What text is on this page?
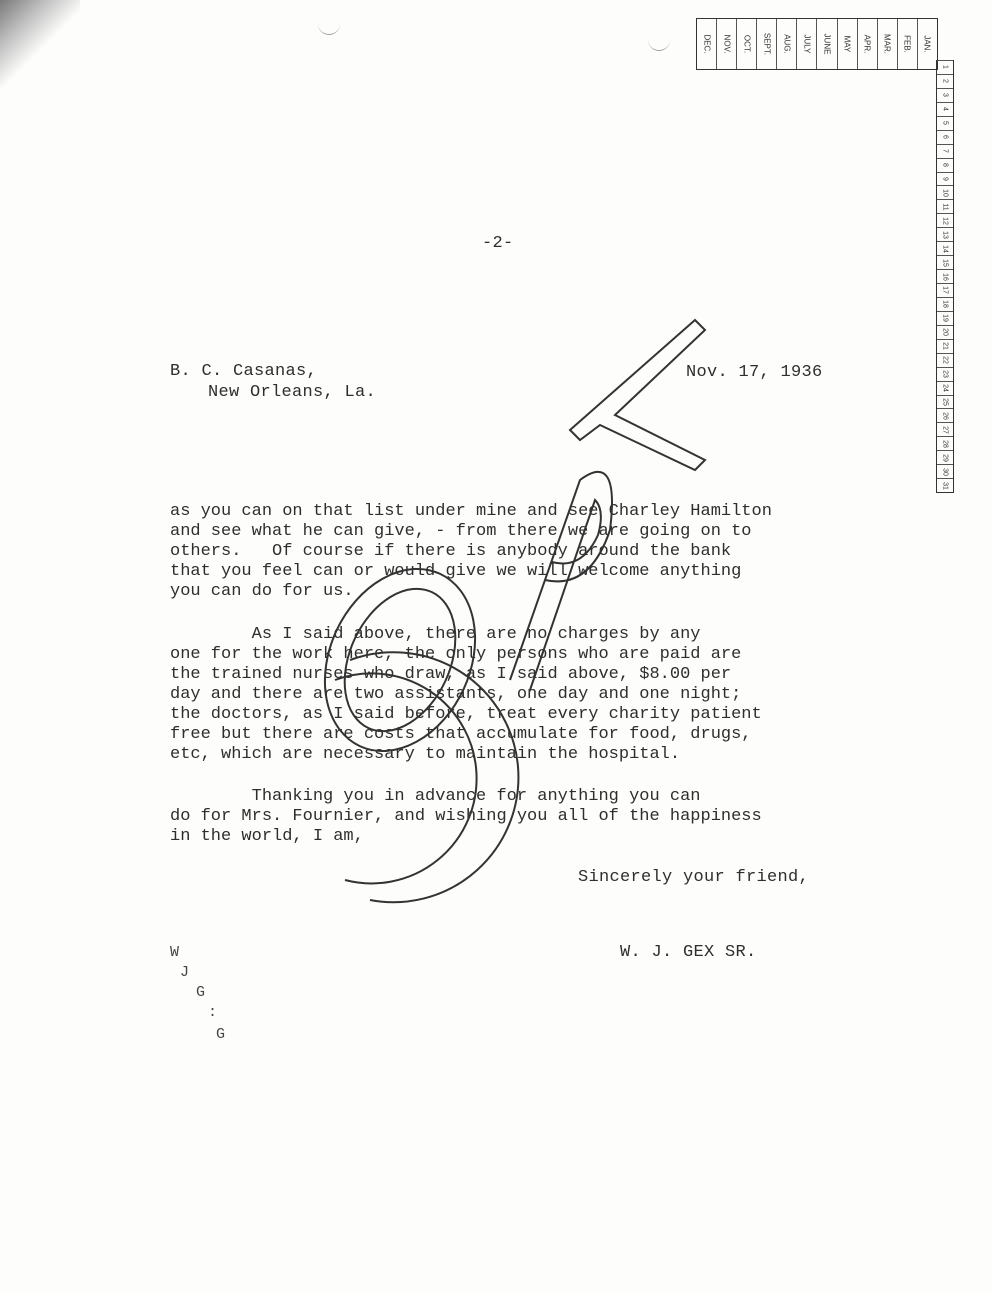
DEC. NOV. OCT. SEPT. AUG. JULY JUNE MAY APR. MAR. FEB. JAN.
1
2
3
4
5
6
7
8
9
10
11
12
13
14
15
16
17
18
19
20
21
22
23
24
25
26
27
28
29
30
31
-2-
B. C. Casanas,
New Orleans, La.
Nov. 17, 1936
as you can on that list under mine and see Charley Hamilton
and see what he can give, - from there we are going on to
others.   Of course if there is anybody around the bank
that you feel can or would give we will welcome anything
you can do for us.
As I said above, there are no charges by any
one for the work here, the only persons who are paid are
the trained nurses who draw, as I said above, $8.00 per
day and there are two assistants, one day and one night;
the doctors, as I said before, treat every charity patient
free but there are costs that accumulate for food, drugs,
etc, which are necessary to maintain the hospital.
Thanking you in advance for anything you can
do for Mrs. Fournier, and wishing you all of the happiness
in the world, I am,
Sincerely your friend,
W. J. GEX SR.
W
J
G
:
G
